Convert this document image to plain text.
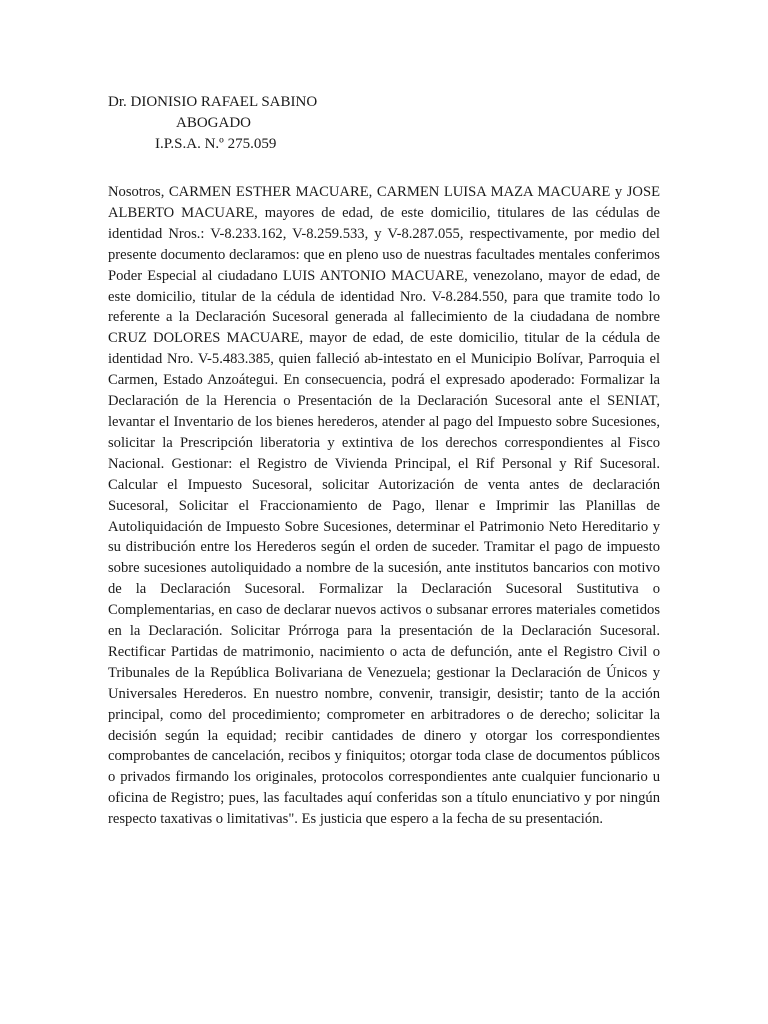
Dr. DIONISIO RAFAEL SABINO
ABOGADO
I.P.S.A. N.º 275.059
Nosotros, CARMEN ESTHER MACUARE, CARMEN LUISA MAZA MACUARE y JOSE ALBERTO MACUARE, mayores de edad, de este domicilio, titulares de las cédulas de identidad Nros.: V-8.233.162, V-8.259.533, y V-8.287.055, respectivamente, por medio del presente documento declaramos: que en pleno uso de nuestras facultades mentales conferimos Poder Especial al ciudadano LUIS ANTONIO MACUARE, venezolano, mayor de edad, de este domicilio, titular de la cédula de identidad Nro. V-8.284.550, para que tramite todo lo referente a la Declaración Sucesoral generada al fallecimiento de la ciudadana de nombre CRUZ DOLORES MACUARE, mayor de edad, de este domicilio, titular de la cédula de identidad Nro. V-5.483.385, quien falleció ab-intestato en el Municipio Bolívar, Parroquia el Carmen, Estado Anzoátegui. En consecuencia, podrá el expresado apoderado: Formalizar la Declaración de la Herencia o Presentación de la Declaración Sucesoral ante el SENIAT, levantar el Inventario de los bienes herederos, atender al pago del Impuesto sobre Sucesiones, solicitar la Prescripción liberatoria y extintiva de los derechos correspondientes al Fisco Nacional. Gestionar: el Registro de Vivienda Principal, el Rif Personal y Rif Sucesoral. Calcular el Impuesto Sucesoral, solicitar Autorización de venta antes de declaración Sucesoral, Solicitar el Fraccionamiento de Pago, llenar e Imprimir las Planillas de Autoliquidación de Impuesto Sobre Sucesiones, determinar el Patrimonio Neto Hereditario y su distribución entre los Herederos según el orden de suceder. Tramitar el pago de impuesto sobre sucesiones autoliquidado a nombre de la sucesión, ante institutos bancarios con motivo de la Declaración Sucesoral. Formalizar la Declaración Sucesoral Sustitutiva o Complementarias, en caso de declarar nuevos activos o subsanar errores materiales cometidos en la Declaración. Solicitar Prórroga para la presentación de la Declaración Sucesoral. Rectificar Partidas de matrimonio, nacimiento o acta de defunción, ante el Registro Civil o Tribunales de la República Bolivariana de Venezuela; gestionar la Declaración de Únicos y Universales Herederos. En nuestro nombre, convenir, transigir, desistir; tanto de la acción principal, como del procedimiento; comprometer en arbitradores o de derecho; solicitar la decisión según la equidad; recibir cantidades de dinero y otorgar los correspondientes comprobantes de cancelación, recibos y finiquitos; otorgar toda clase de documentos públicos o privados firmando los originales, protocolos correspondientes ante cualquier funcionario u oficina de Registro; pues, las facultades aquí conferidas son a título enunciativo y por ningún respecto taxativas o limitativas". Es justicia que espero a la fecha de su presentación.
